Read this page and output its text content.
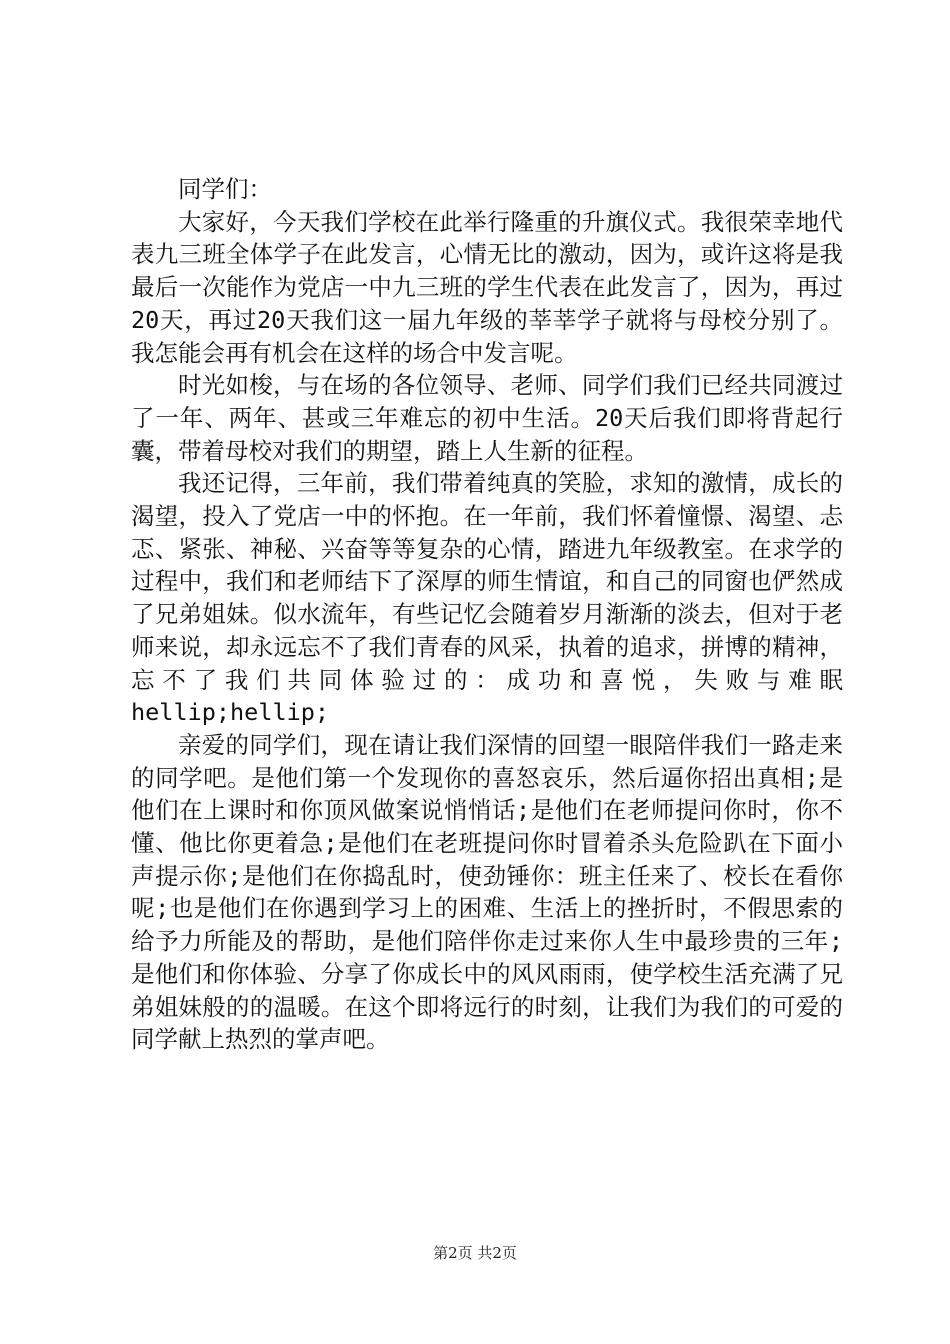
同学们：

大家好，今天我们学校在此举行隆重的升旗仪式。我很荣幸地代表九三班全体学子在此发言，心情无比的激动，因为，或许这将是我最后一次能作为党店一中九三班的学生代表在此发言了，因为，再过20天，再过20天我们这一届九年级的莘莘学子就将与母校分别了。我怎能会再有机会在这样的场合中发言呢。

时光如梭，与在场的各位领导、老师、同学们我们已经共同渡过了一年、两年、甚或三年难忘的初中生活。20天后我们即将背起行囊，带着母校对我们的期望，踏上人生新的征程。

我还记得，三年前，我们带着纯真的笑脸，求知的激情，成长的渴望，投入了党店一中的怀抱。在一年前，我们怀着憧憬、渴望、忐忑、紧张、神秘、兴奋等等复杂的心情，踏进九年级教室。在求学的过程中，我们和老师结下了深厚的师生情谊，和自己的同窗也俨然成了兄弟姐妹。似水流年，有些记忆会随着岁月渐渐的淡去，但对于老师来说，却永远忘不了我们青春的风采，执着的追求，拼博的精神，忘不了我们共同体验过的：成功和喜悦，失败与难眠hellip;hellip;

亲爱的同学们，现在请让我们深情的回望一眼陪伴我们一路走来的同学吧。是他们第一个发现你的喜怒哀乐，然后逼你招出真相;是他们在上课时和你顶风做案说悄悄话;是他们在老师提问你时，你不懂、他比你更着急;是他们在老班提问你时冒着杀头危险趴在下面小声提示你;是他们在你捣乱时，使劲锤你：班主任来了、校长在看你呢;也是他们在你遇到学习上的困难、生活上的挫折时，不假思索的给予力所能及的帮助，是他们陪伴你走过来你人生中最珍贵的三年;是他们和你体验、分享了你成长中的风风雨雨，使学校生活充满了兄弟姐妹般的的温暖。在这个即将远行的时刻，让我们为我们的可爱的同学献上热烈的掌声吧。

第2页 共2页
